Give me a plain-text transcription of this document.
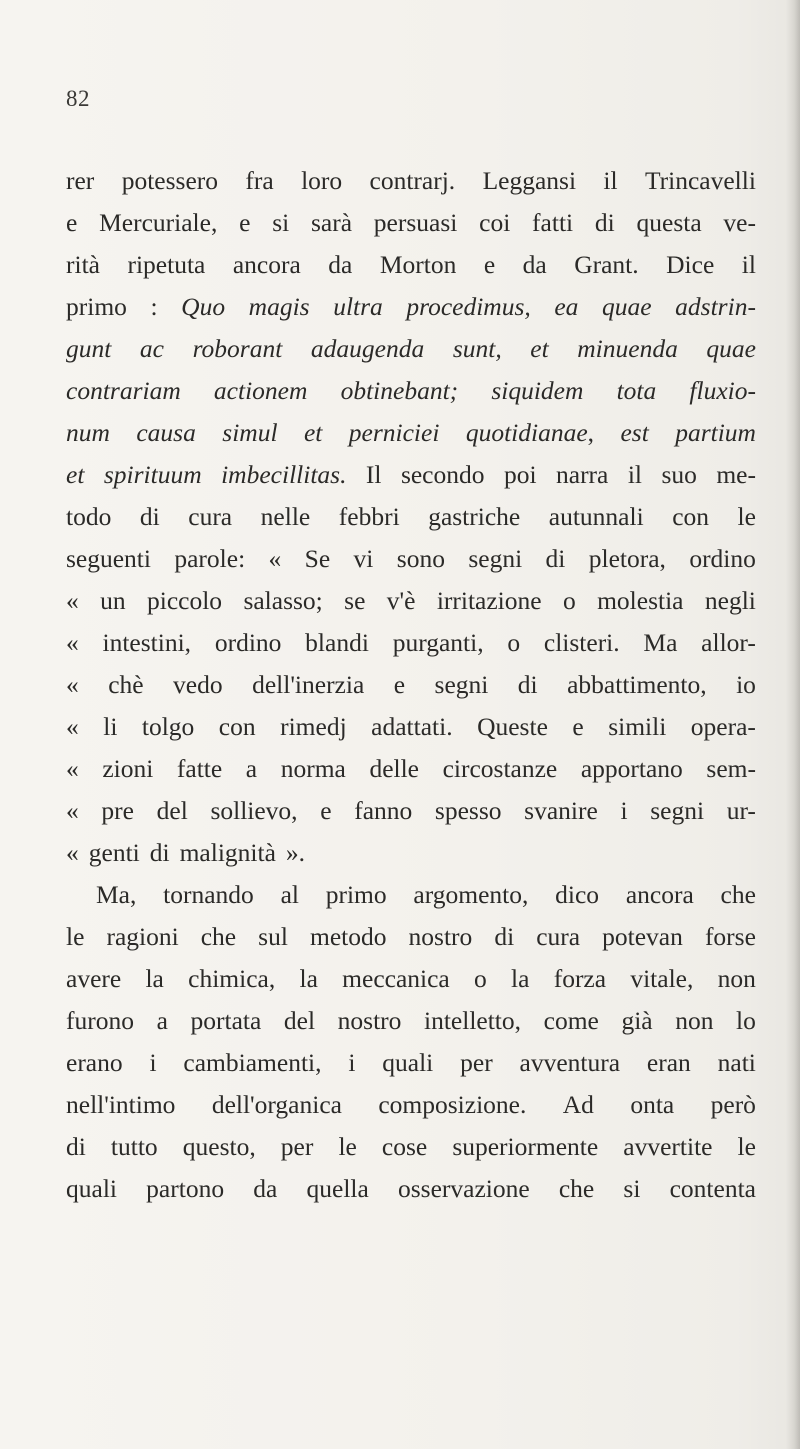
82
rer potessero fra loro contrarj. Leggansi il Trincavelli
e Mercuriale, e si sarà persuasi coi fatti di questa ve-
rità ripetuta ancora da Morton e da Grant. Dice il
primo : Quo magis ultra procedimus, ea quae adstrin-
gunt ac roborant adaugenda sunt, et minuenda quae
contrariam actionem obtinebant; siquidem tota fluxio-
num causa simul et perniciei quotidianae, est partium
et spirituum imbecillitas. Il secondo poi narra il suo me-
todo di cura nelle febbri gastriche autunnali con le
seguenti parole: « Se vi sono segni di pletora, ordino
« un piccolo salasso; se v'è irritazione o molestia negli
« intestini, ordino blandi purganti, o clisteri. Ma allor-
« chè vedo dell'inerzia e segni di abbattimento, io
« li tolgo con rimedj adattati. Queste e simili opera-
« zioni fatte a norma delle circostanze apportano sem-
« pre del sollievo, e fanno spesso svanire i segni ur-
« genti di malignità ».
Ma, tornando al primo argomento, dico ancora che
le ragioni che sul metodo nostro di cura potevan forse
avere la chimica, la meccanica o la forza vitale, non
furono a portata del nostro intelletto, come già non lo
erano i cambiamenti, i quali per avventura eran nati
nell'intimo dell'organica composizione. Ad onta però
di tutto questo, per le cose superiormente avvertite le
quali partono da quella osservazione che si contenta
